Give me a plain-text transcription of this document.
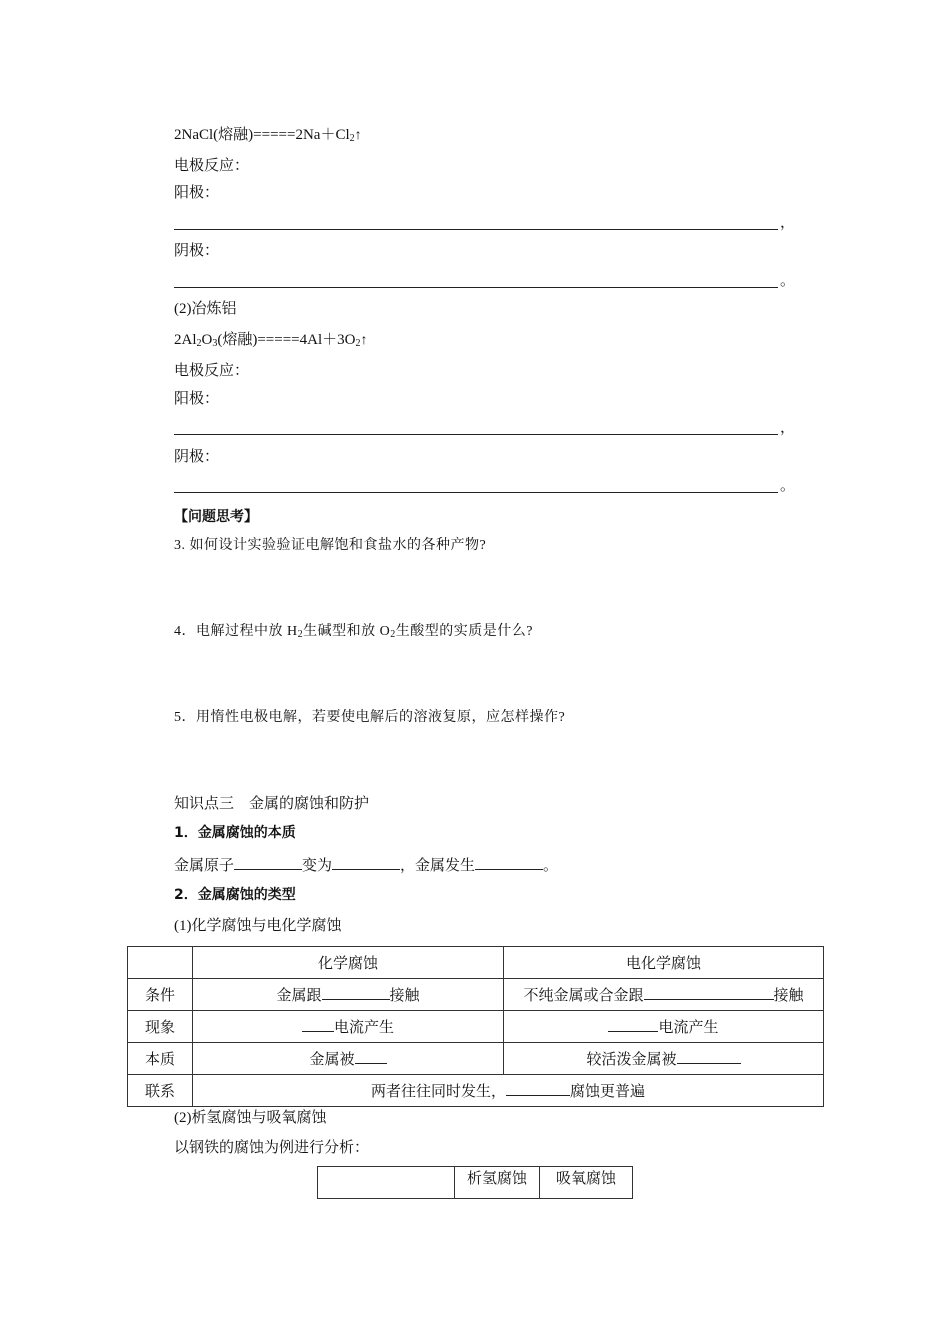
2NaCl(熔融)$=====2Na+Cl_2↑$
电极反应：
阳极：
，
阴极：
。
(2)冶炼铝
$2Al_2O_3$(熔融)$=====4Al+3O_2↑$
电极反应：
阳极：
，
阴极：
。
【问题思考】
3. 如何设计实验验证电解饱和食盐水的各种产物?
4．电解过程中放 $H_2$生碱型和放 $O_2$生酸型的实质是什么?
5．用惰性电极电解，若要使电解后的溶液复原，应怎样操作?
知识点三　金属的腐蚀和防护
1．金属腐蚀的本质
金属原子	变为	，金属发生	。
2．金属腐蚀的类型
(1)化学腐蚀与电化学腐蚀
	化学腐蚀	电化学腐蚀
条件	金属跟 接触	不纯金属或合金跟 接触
现象	电流产生	电流产生
本质	金属被	较活泼金属被
联系	两者往往同时发生， 腐蚀更普遍	
(2)析氢腐蚀与吸氧腐蚀
以钢铁的腐蚀为例进行分析：
	析氢腐蚀	吸氧腐蚀
